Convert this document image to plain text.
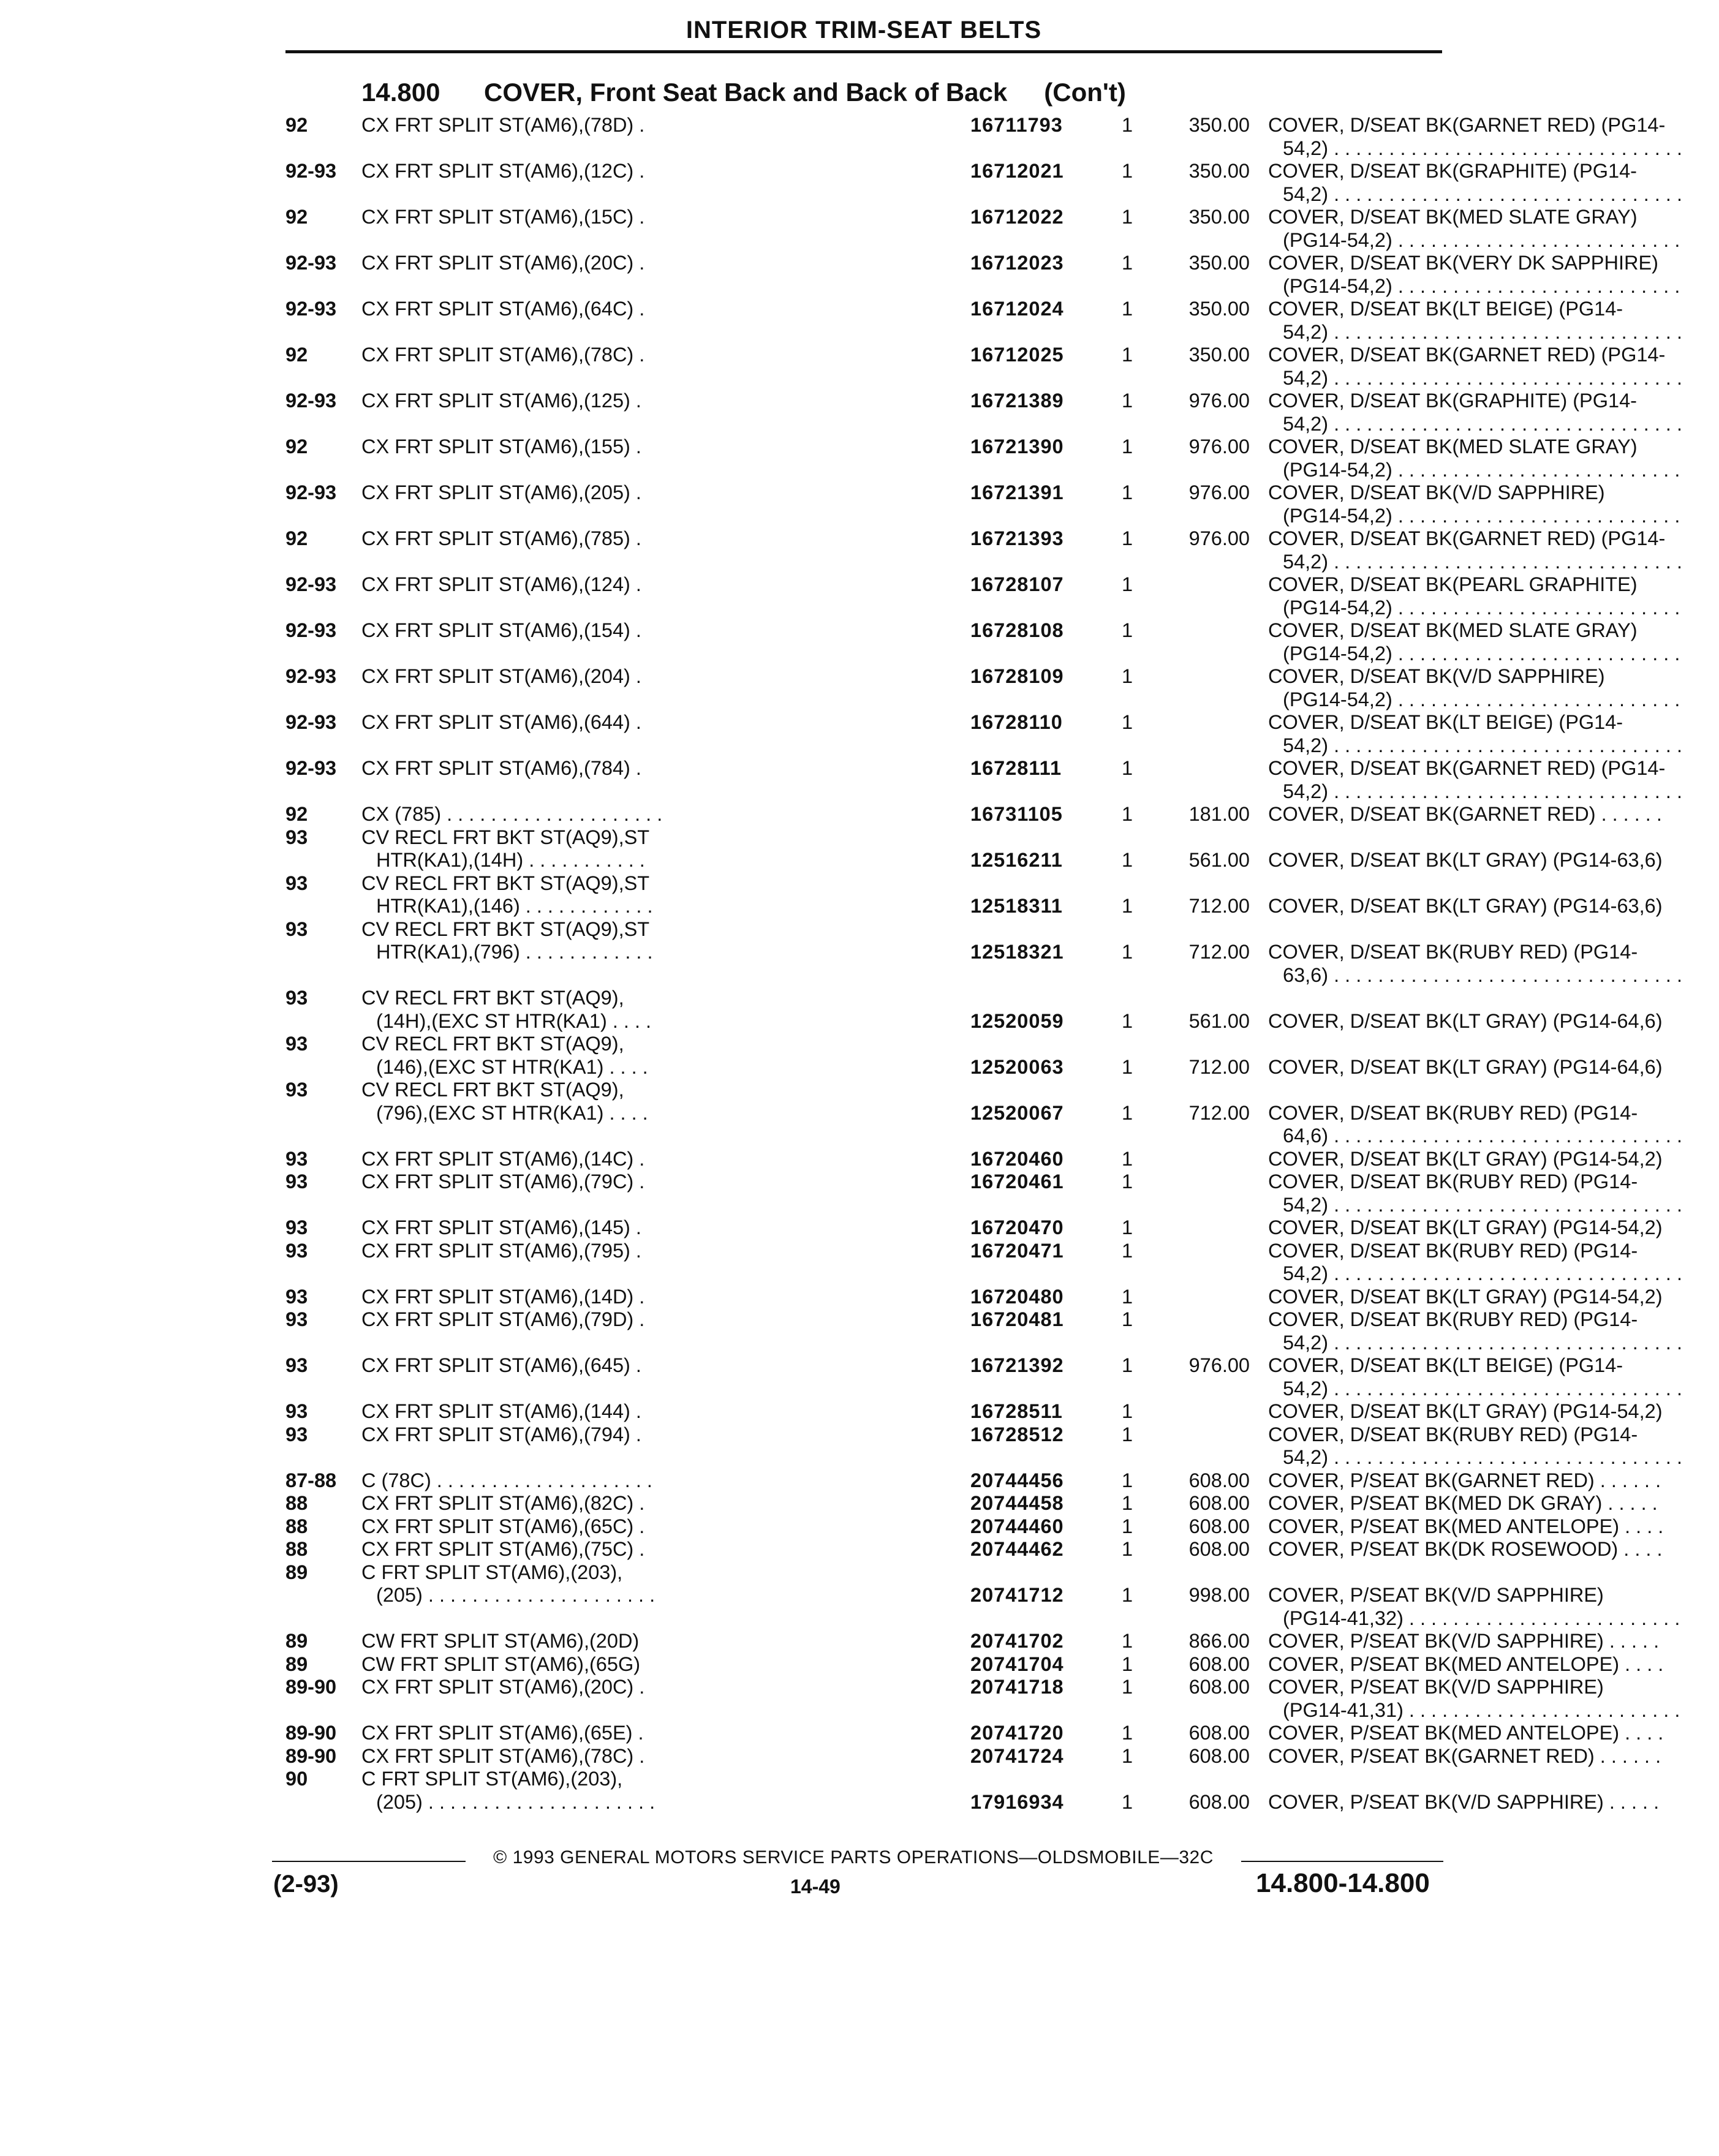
INTERIOR TRIM-SEAT BELTS
14.800 COVER, Front Seat Back and Back of Back (Con't)
92	CX FRT SPLIT ST(AM6),(78D) .	16711793	1	350.00 COVER, D/SEAT BK(GARNET RED) (PG14-
54,2) . . . . . . . . . . . . . . . . . . . . . . . . . . . . . . . .
92-93 CX FRT SPLIT ST(AM6),(12C) .	16712021	1	350.00 COVER, D/SEAT BK(GRAPHITE) (PG14-
54,2) . . . . . . . . . . . . . . . . . . . . . . . . . . . . . . . .
92	CX FRT SPLIT ST(AM6),(15C) .	16712022	1	350.00 COVER, D/SEAT BK(MED SLATE GRAY)
(PG14-54,2) . . . . . . . . . . . . . . . . . . . . . . . . . .
92-93 CX FRT SPLIT ST(AM6),(20C) .	16712023	1	350.00 COVER, D/SEAT BK(VERY DK SAPPHIRE)
(PG14-54,2) . . . . . . . . . . . . . . . . . . . . . . . . . .
92-93 CX FRT SPLIT ST(AM6),(64C) .	16712024	1	350.00 COVER, D/SEAT BK(LT BEIGE) (PG14-
54,2) . . . . . . . . . . . . . . . . . . . . . . . . . . . . . . . .
92	CX FRT SPLIT ST(AM6),(78C) .	16712025	1	350.00 COVER, D/SEAT BK(GARNET RED) (PG14-
54,2) . . . . . . . . . . . . . . . . . . . . . . . . . . . . . . . .
92-93 CX FRT SPLIT ST(AM6),(125) .	16721389	1	976.00 COVER, D/SEAT BK(GRAPHITE) (PG14-
54,2) . . . . . . . . . . . . . . . . . . . . . . . . . . . . . . . .
92	CX FRT SPLIT ST(AM6),(155) .	16721390	1	976.00 COVER, D/SEAT BK(MED SLATE GRAY)
(PG14-54,2) . . . . . . . . . . . . . . . . . . . . . . . . . .
92-93 CX FRT SPLIT ST(AM6),(205) .	16721391	1	976.00 COVER, D/SEAT BK(V/D SAPPHIRE)
(PG14-54,2) . . . . . . . . . . . . . . . . . . . . . . . . . .
92	CX FRT SPLIT ST(AM6),(785) .	16721393	1	976.00 COVER, D/SEAT BK(GARNET RED) (PG14-
54,2) . . . . . . . . . . . . . . . . . . . . . . . . . . . . . . . .
92-93 CX FRT SPLIT ST(AM6),(124) .	16728107	1	COVER, D/SEAT BK(PEARL GRAPHITE)
(PG14-54,2) . . . . . . . . . . . . . . . . . . . . . . . . . .
92-93 CX FRT SPLIT ST(AM6),(154) .	16728108	1	COVER, D/SEAT BK(MED SLATE GRAY)
(PG14-54,2) . . . . . . . . . . . . . . . . . . . . . . . . . .
92-93 CX FRT SPLIT ST(AM6),(204) .	16728109	1	COVER, D/SEAT BK(V/D SAPPHIRE)
(PG14-54,2) . . . . . . . . . . . . . . . . . . . . . . . . . .
92-93 CX FRT SPLIT ST(AM6),(644) .	16728110	1	COVER, D/SEAT BK(LT BEIGE) (PG14-
54,2) . . . . . . . . . . . . . . . . . . . . . . . . . . . . . . . .
92-93 CX FRT SPLIT ST(AM6),(784) .	16728111	1	COVER, D/SEAT BK(GARNET RED) (PG14-
54,2) . . . . . . . . . . . . . . . . . . . . . . . . . . . . . . . .
92	CX (785) . . . . . . . . . . . . . . . . . . . .	16731105	1	181.00 COVER, D/SEAT BK(GARNET RED) . . . . . .
93	CV RECL FRT BKT ST(AQ9),ST
HTR(KA1),(14H) . . . . . . . . . . .	12516211	1	561.00 COVER, D/SEAT BK(LT GRAY) (PG14-63,6)
93	CV RECL FRT BKT ST(AQ9),ST
HTR(KA1),(146) . . . . . . . . . . . .	12518311	1	712.00 COVER, D/SEAT BK(LT GRAY) (PG14-63,6)
93	CV RECL FRT BKT ST(AQ9),ST
HTR(KA1),(796) . . . . . . . . . . . .	12518321	1	712.00 COVER, D/SEAT BK(RUBY RED) (PG14-
63,6) . . . . . . . . . . . . . . . . . . . . . . . . . . . . . . . .
93	CV RECL FRT BKT ST(AQ9),
(14H),(EXC ST HTR(KA1) . . . .	12520059	1	561.00 COVER, D/SEAT BK(LT GRAY) (PG14-64,6)
93	CV RECL FRT BKT ST(AQ9),
(146),(EXC ST HTR(KA1) . . . .	12520063	1	712.00 COVER, D/SEAT BK(LT GRAY) (PG14-64,6)
93	CV RECL FRT BKT ST(AQ9),
(796),(EXC ST HTR(KA1) . . . .	12520067	1	712.00 COVER, D/SEAT BK(RUBY RED) (PG14-
64,6) . . . . . . . . . . . . . . . . . . . . . . . . . . . . . . . .
93	CX FRT SPLIT ST(AM6),(14C) .	16720460	1	COVER, D/SEAT BK(LT GRAY) (PG14-54,2)
93	CX FRT SPLIT ST(AM6),(79C) .	16720461	1	COVER, D/SEAT BK(RUBY RED) (PG14-
54,2) . . . . . . . . . . . . . . . . . . . . . . . . . . . . . . . .
93	CX FRT SPLIT ST(AM6),(145) .	16720470	1	COVER, D/SEAT BK(LT GRAY) (PG14-54,2)
93	CX FRT SPLIT ST(AM6),(795) .	16720471	1	COVER, D/SEAT BK(RUBY RED) (PG14-
54,2) . . . . . . . . . . . . . . . . . . . . . . . . . . . . . . . .
93	CX FRT SPLIT ST(AM6),(14D) .	16720480	1	COVER, D/SEAT BK(LT GRAY) (PG14-54,2)
93	CX FRT SPLIT ST(AM6),(79D) .	16720481	1	COVER, D/SEAT BK(RUBY RED) (PG14-
54,2) . . . . . . . . . . . . . . . . . . . . . . . . . . . . . . . .
93	CX FRT SPLIT ST(AM6),(645) .	16721392	1	976.00 COVER, D/SEAT BK(LT BEIGE) (PG14-
54,2) . . . . . . . . . . . . . . . . . . . . . . . . . . . . . . . .
93	CX FRT SPLIT ST(AM6),(144) .	16728511	1	COVER, D/SEAT BK(LT GRAY) (PG14-54,2)
93	CX FRT SPLIT ST(AM6),(794) .	16728512	1	COVER, D/SEAT BK(RUBY RED) (PG14-
54,2) . . . . . . . . . . . . . . . . . . . . . . . . . . . . . . . .
87-88 C (78C) . . . . . . . . . . . . . . . . . . . .	20744456	1	608.00 COVER, P/SEAT BK(GARNET RED) . . . . . .
88	CX FRT SPLIT ST(AM6),(82C) .	20744458	1	608.00 COVER, P/SEAT BK(MED DK GRAY) . . . . .
88	CX FRT SPLIT ST(AM6),(65C) .	20744460	1	608.00 COVER, P/SEAT BK(MED ANTELOPE) . . . .
88	CX FRT SPLIT ST(AM6),(75C) .	20744462	1	608.00 COVER, P/SEAT BK(DK ROSEWOOD) . . . .
89	C FRT SPLIT ST(AM6),(203),
(205) . . . . . . . . . . . . . . . . . . . . .	20741712	1	998.00 COVER, P/SEAT BK(V/D SAPPHIRE)
(PG14-41,32) . . . . . . . . . . . . . . . . . . . . . . . . .
89	CW FRT SPLIT ST(AM6),(20D)	20741702	1	866.00 COVER, P/SEAT BK(V/D SAPPHIRE) . . . . .
89	CW FRT SPLIT ST(AM6),(65G)	20741704	1	608.00 COVER, P/SEAT BK(MED ANTELOPE) . . . .
89-90 CX FRT SPLIT ST(AM6),(20C) .	20741718	1	608.00 COVER, P/SEAT BK(V/D SAPPHIRE)
(PG14-41,31) . . . . . . . . . . . . . . . . . . . . . . . . .
89-90 CX FRT SPLIT ST(AM6),(65E) .	20741720	1	608.00 COVER, P/SEAT BK(MED ANTELOPE) . . . .
89-90 CX FRT SPLIT ST(AM6),(78C) .	20741724	1	608.00 COVER, P/SEAT BK(GARNET RED) . . . . . .
90	C FRT SPLIT ST(AM6),(203),
(205) . . . . . . . . . . . . . . . . . . . . .	17916934	1	608.00 COVER, P/SEAT BK(V/D SAPPHIRE) . . . . .
© 1993 GENERAL MOTORS SERVICE PARTS OPERATIONS—OLDSMOBILE—32C
(2-93)	14-49	14.800-14.800
